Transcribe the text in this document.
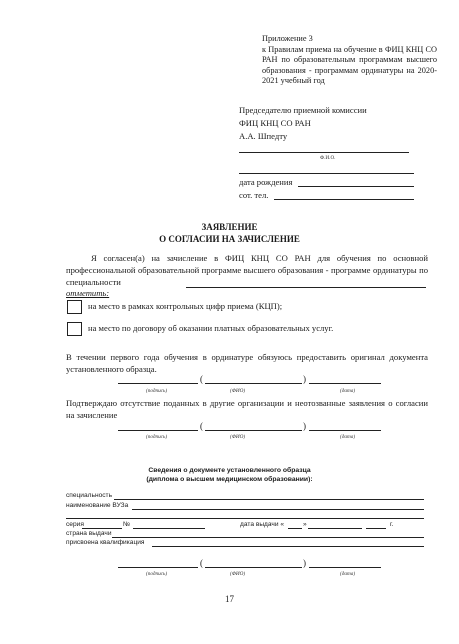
Приложение 3
к Правилам приема на обучение в ФИЦ КНЦ СО РАН по образовательным программам высшего образования - программам ординатуры на 2020-2021 учебный год
Председателю приемной комиссии
ФИЦ КНЦ СО РАН
А.А. Шпедту
Ф.И.О.
дата рождения
сот. тел.
ЗАЯВЛЕНИЕ
О СОГЛАСИИ НА ЗАЧИСЛЕНИЕ
Я согласен(а) на зачисление в ФИЦ КНЦ СО РАН для обучения по основной профессиональной образовательной программе высшего образования - программе ординатуры по специальности
отметить:
на место в рамках контрольных цифр приема (КЦП);
на место по договору об оказании платных образовательных услуг.
В течении первого года обучения в ординатуре обязуюсь предоставить оригинал документа установленного образца.
(	)
(подпись)	(ФИО)	(дата)
Подтверждаю отсутствие поданных в другие организации и неотозванные заявления о согласии на зачисление
(	)
(подпись)	(ФИО)	(дата)
Сведения о документе установленного образца
(диплома о высшем медицинском образовании):
специальность
наименование ВУЗа
серия	№	дата выдачи «	»	г.
страна выдачи
присвоена квалификация
(	)
(подпись)	(ФИО)	(дата)
17
